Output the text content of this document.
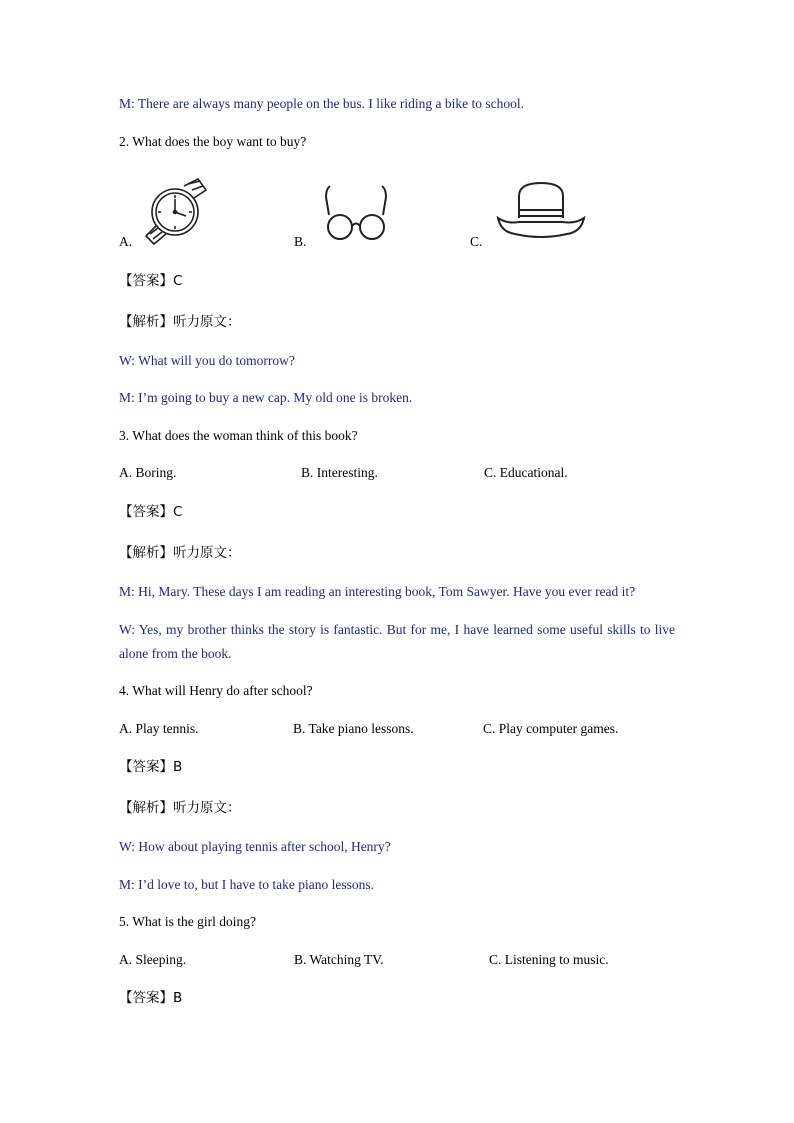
M: There are always many people on the bus. I like riding a bike to school.
2. What does the boy want to buy?
A.	B.	C.
【答案】C
【解析】听力原文：
W: What will you do tomorrow?
M: I’m going to buy a new cap. My old one is broken.
3. What does the woman think of this book?
A. Boring.	B. Interesting.	C. Educational.
【答案】C
【解析】听力原文：
M: Hi, Mary. These days I am reading an interesting book, Tom Sawyer. Have you ever read it?
W: Yes, my brother thinks the story is fantastic. But for me, I have learned some useful skills to live alone from the book.
4. What will Henry do after school?
A. Play tennis.	B. Take piano lessons.	C. Play computer games.
【答案】B
【解析】听力原文：
W: How about playing tennis after school, Henry?
M: I’d love to, but I have to take piano lessons.
5. What is the girl doing?
A. Sleeping.	B. Watching TV.	C. Listening to music.
【答案】B
